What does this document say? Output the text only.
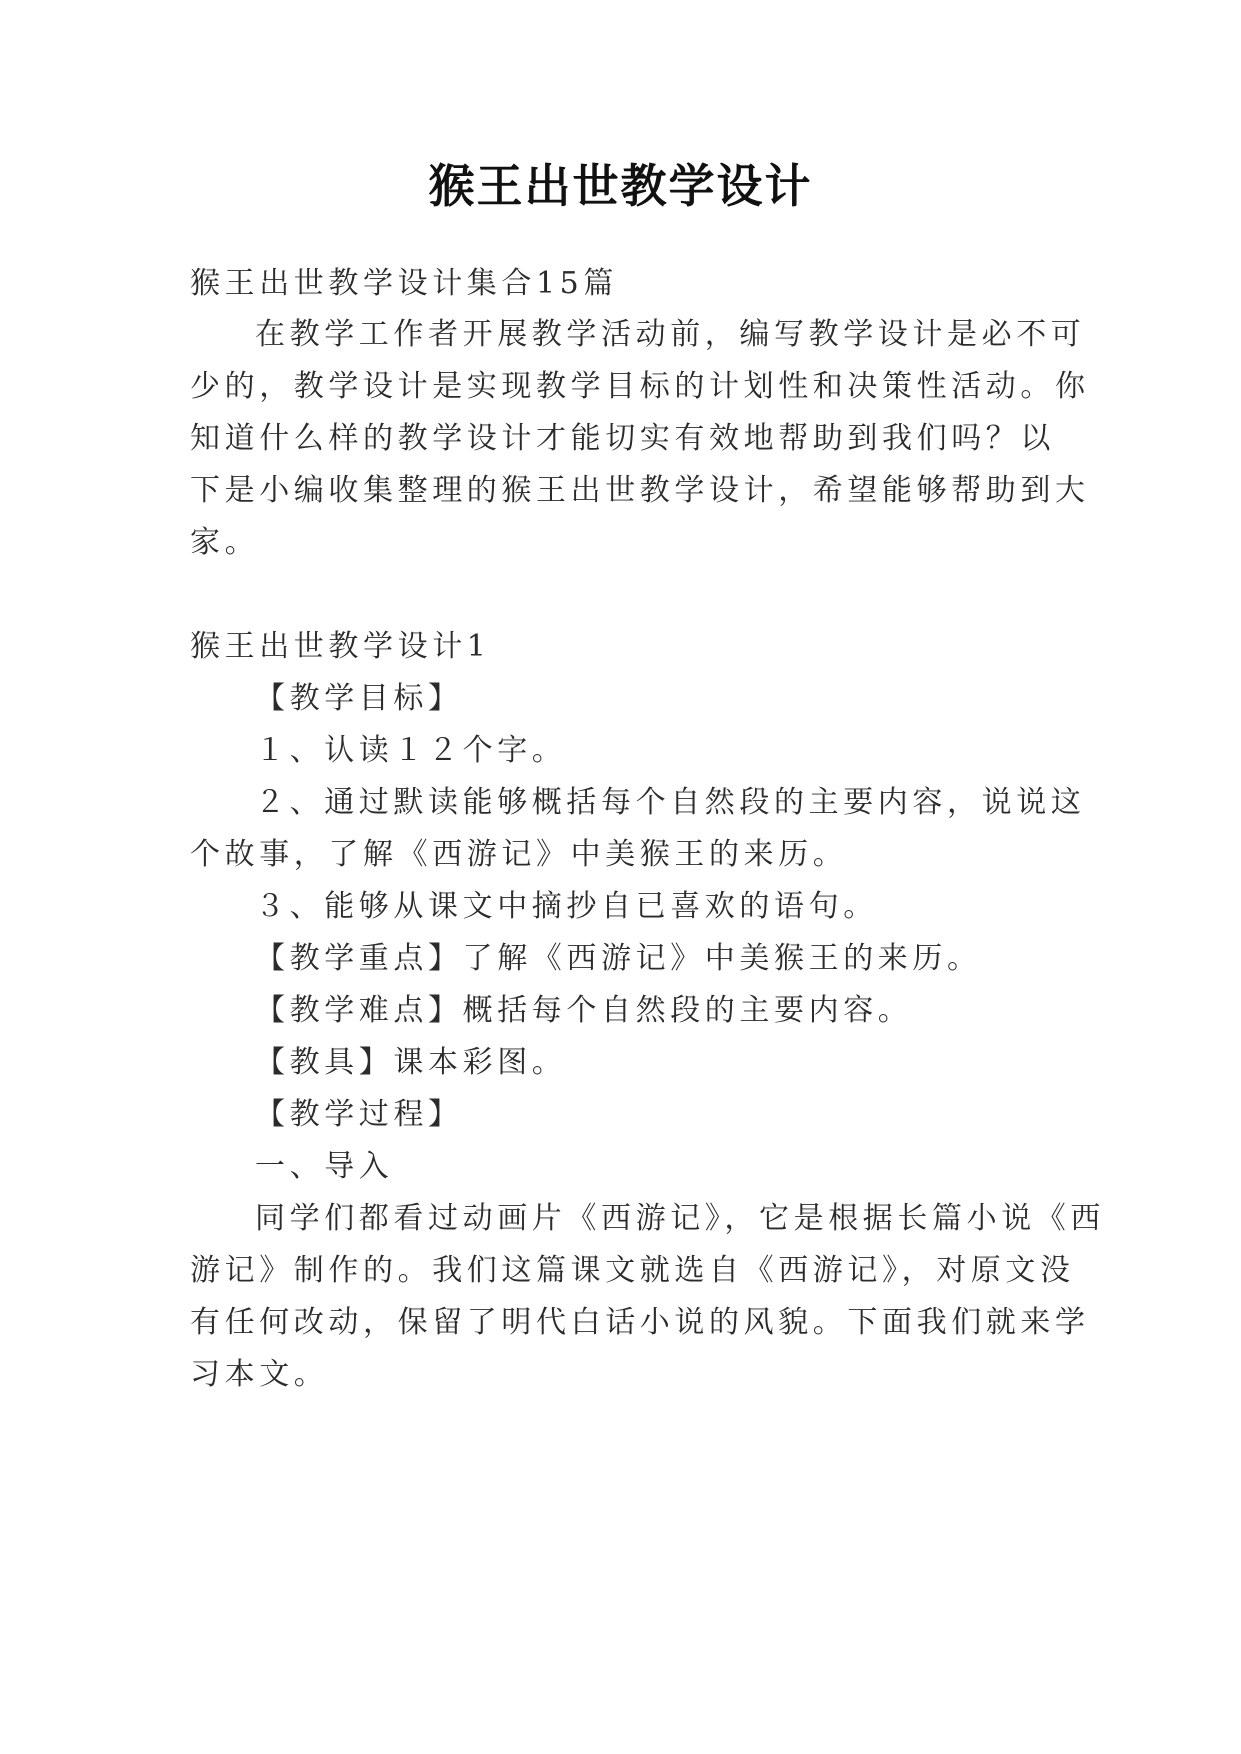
猴王出世教学设计
猴王出世教学设计集合15篇
在教学工作者开展教学活动前，编写教学设计是必不可
少的，教学设计是实现教学目标的计划性和决策性活动。你
知道什么样的教学设计才能切实有效地帮助到我们吗？以
下是小编收集整理的猴王出世教学设计，希望能够帮助到大
家。
猴王出世教学设计1
【教学目标】
１、认读１２个字。
２、通过默读能够概括每个自然段的主要内容，说说这
个故事，了解《西游记》中美猴王的来历。
３、能够从课文中摘抄自已喜欢的语句。
【教学重点】了解《西游记》中美猴王的来历。
【教学难点】概括每个自然段的主要内容。
【教具】课本彩图。
【教学过程】
一、导入
同学们都看过动画片《西游记》，它是根据长篇小说《西
游记》制作的。我们这篇课文就选自《西游记》，对原文没
有任何改动，保留了明代白话小说的风貌。下面我们就来学
习本文。
